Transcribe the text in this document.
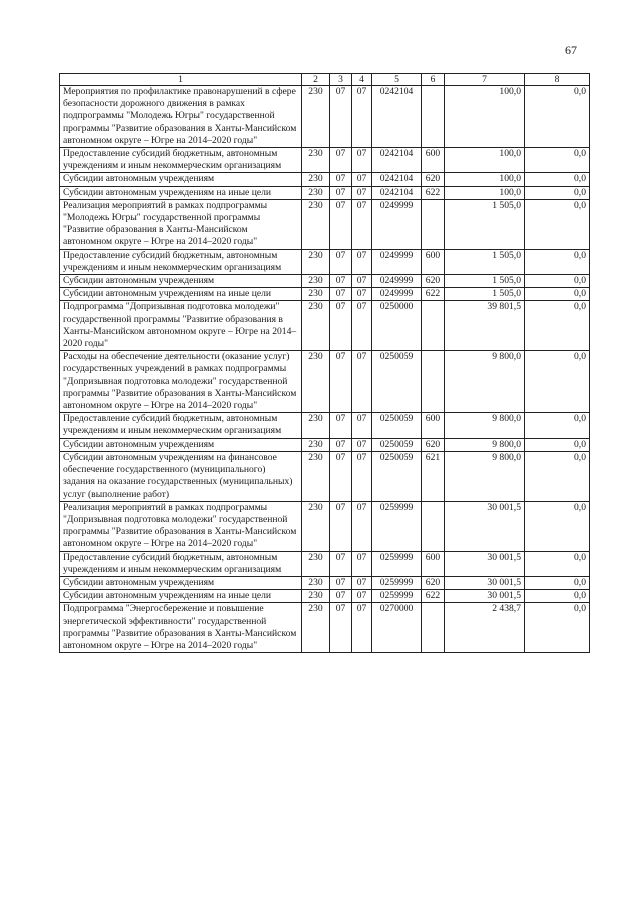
67
1	2	3	4	5	6	7	8
Мероприятия по профилактике правонарушений в сфере безопасности дорожного движения в рамках подпрограммы "Молодежь Югры" государственной программы "Развитие образования в Ханты-Мансийском автономном округе – Югре на 2014–2020 годы"	230	07	07	0242104		100,0	0,0
Предоставление субсидий бюджетным, автономным учреждениям и иным некоммерческим организациям	230	07	07	0242104	600	100,0	0,0
Субсидии автономным учреждениям	230	07	07	0242104	620	100,0	0,0
Субсидии автономным учреждениям на иные цели	230	07	07	0242104	622	100,0	0,0
Реализация мероприятий в рамках подпрограммы "Молодежь Югры" государственной программы "Развитие образования в Ханты-Мансийском автономном округе – Югре на 2014–2020 годы"	230	07	07	0249999		1 505,0	0,0
Предоставление субсидий бюджетным, автономным учреждениям и иным некоммерческим организациям	230	07	07	0249999	600	1 505,0	0,0
Субсидии автономным учреждениям	230	07	07	0249999	620	1 505,0	0,0
Субсидии автономным учреждениям на иные цели	230	07	07	0249999	622	1 505,0	0,0
Подпрограмма "Допризывная подготовка молодежи" государственной программы "Развитие образования в Ханты-Мансийском автономном округе – Югре на 2014–2020 годы"	230	07	07	0250000		39 801,5	0,0
Расходы на обеспечение деятельности (оказание услуг) государственных учреждений в рамках подпрограммы "Допризывная подготовка молодежи" государственной программы "Развитие образования в Ханты-Мансийском автономном округе – Югре на 2014–2020 годы"	230	07	07	0250059		9 800,0	0,0
Предоставление субсидий бюджетным, автономным учреждениям и иным некоммерческим организациям	230	07	07	0250059	600	9 800,0	0,0
Субсидии автономным учреждениям	230	07	07	0250059	620	9 800,0	0,0
Субсидии автономным учреждениям на финансовое обеспечение государственного (муниципального) задания на оказание государственных (муниципальных) услуг (выполнение работ)	230	07	07	0250059	621	9 800,0	0,0
Реализация мероприятий в рамках подпрограммы "Допризывная подготовка молодежи" государственной программы "Развитие образования в Ханты-Мансийском автономном округе – Югре на 2014–2020 годы"	230	07	07	0259999		30 001,5	0,0
Предоставление субсидий бюджетным, автономным учреждениям и иным некоммерческим организациям	230	07	07	0259999	600	30 001,5	0,0
Субсидии автономным учреждениям	230	07	07	0259999	620	30 001,5	0,0
Субсидии автономным учреждениям на иные цели	230	07	07	0259999	622	30 001,5	0,0
Подпрограмма "Энергосбережение и повышение энергетической эффективности" государственной программы "Развитие образования в Ханты-Мансийском автономном округе – Югре на 2014–2020 годы"	230	07	07	0270000		2 438,7	0,0
